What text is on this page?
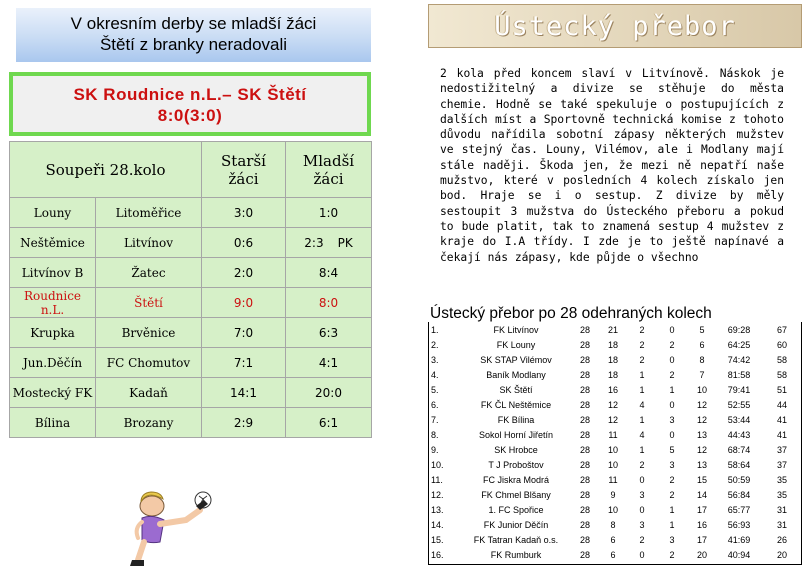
V okresním derby se mladší žáci
Štětí z branky neradovali
Ústecký přebor
SK Roudnice n.L.– SK Štětí
8:0(3:0)
Soupeři 28.kolo		Starší žáci	Mladší žáci
Louny	Litoměřice	3:0	1:0
Neštěmice	Litvínov	0:6	2:3 PK
Litvínov B	Žatec	2:0	8:4
Roudnice n.L.	Štětí	9:0	8:0
Krupka	Brvěnice	7:0	6:3
Jun.Děčín	FC Chomutov	7:1	4:1
Mostecký FK	Kadaň	14:1	20:0
Bílina	Brozany	2:9	6:1
2 kola před koncem slaví v Litvínově. Náskok je nedostižitelný a divize se stěhuje do města chemie. Hodně se také spekuluje o postupujících z dalších míst a Sportovně technická komise z tohoto důvodu nařídila sobotní zápasy některých mužstev ve stejný čas. Louny, Vilémov, ale i Modlany mají stále naději. Škoda jen, že mezi ně nepatří naše mužstvo, které v posledních 4 kolech získalo jen bod. Hraje se i o sestup. Z divize by měly sestoupit 3 mužstva do Ústeckého přeboru a pokud to bude platit, tak to znamená sestup 4 mužstev z kraje do I.A třídy. I zde je to ještě napínavé a čekají nás zápasy, kde půjde o všechno
Ústecký přebor po 28 odehraných kolech
1.	FK Litvínov	28	21	2	0	5	69:28	67
2.	FK Louny	28	18	2	2	6	64:25	60
3.	SK STAP Vilémov	28	18	2	0	8	74:42	58
4.	Baník Modlany	28	18	1	2	7	81:58	58
5.	SK Štětí	28	16	1	1	10	79:41	51
6.	FK ČL Neštěmice	28	12	4	0	12	52:55	44
7.	FK Bílina	28	12	1	3	12	53:44	41
8.	Sokol Horní Jiřetín	28	11	4	0	13	44:43	41
9.	SK Hrobce	28	10	1	5	12	68:74	37
10.	T J Proboštov	28	10	2	3	13	58:64	37
11.	FC Jiskra Modrá	28	11	0	2	15	50:59	35
12.	FK Chmel Blšany	28	9	3	2	14	56:84	35
13.	1. FC Spořice	28	10	0	1	17	65:77	31
14.	FK Junior Děčín	28	8	3	1	16	56:93	31
15.	FK Tatran Kadaň o.s.	28	6	2	3	17	41:69	26
16.	FK Rumburk	28	6	0	2	20	40:94	20
